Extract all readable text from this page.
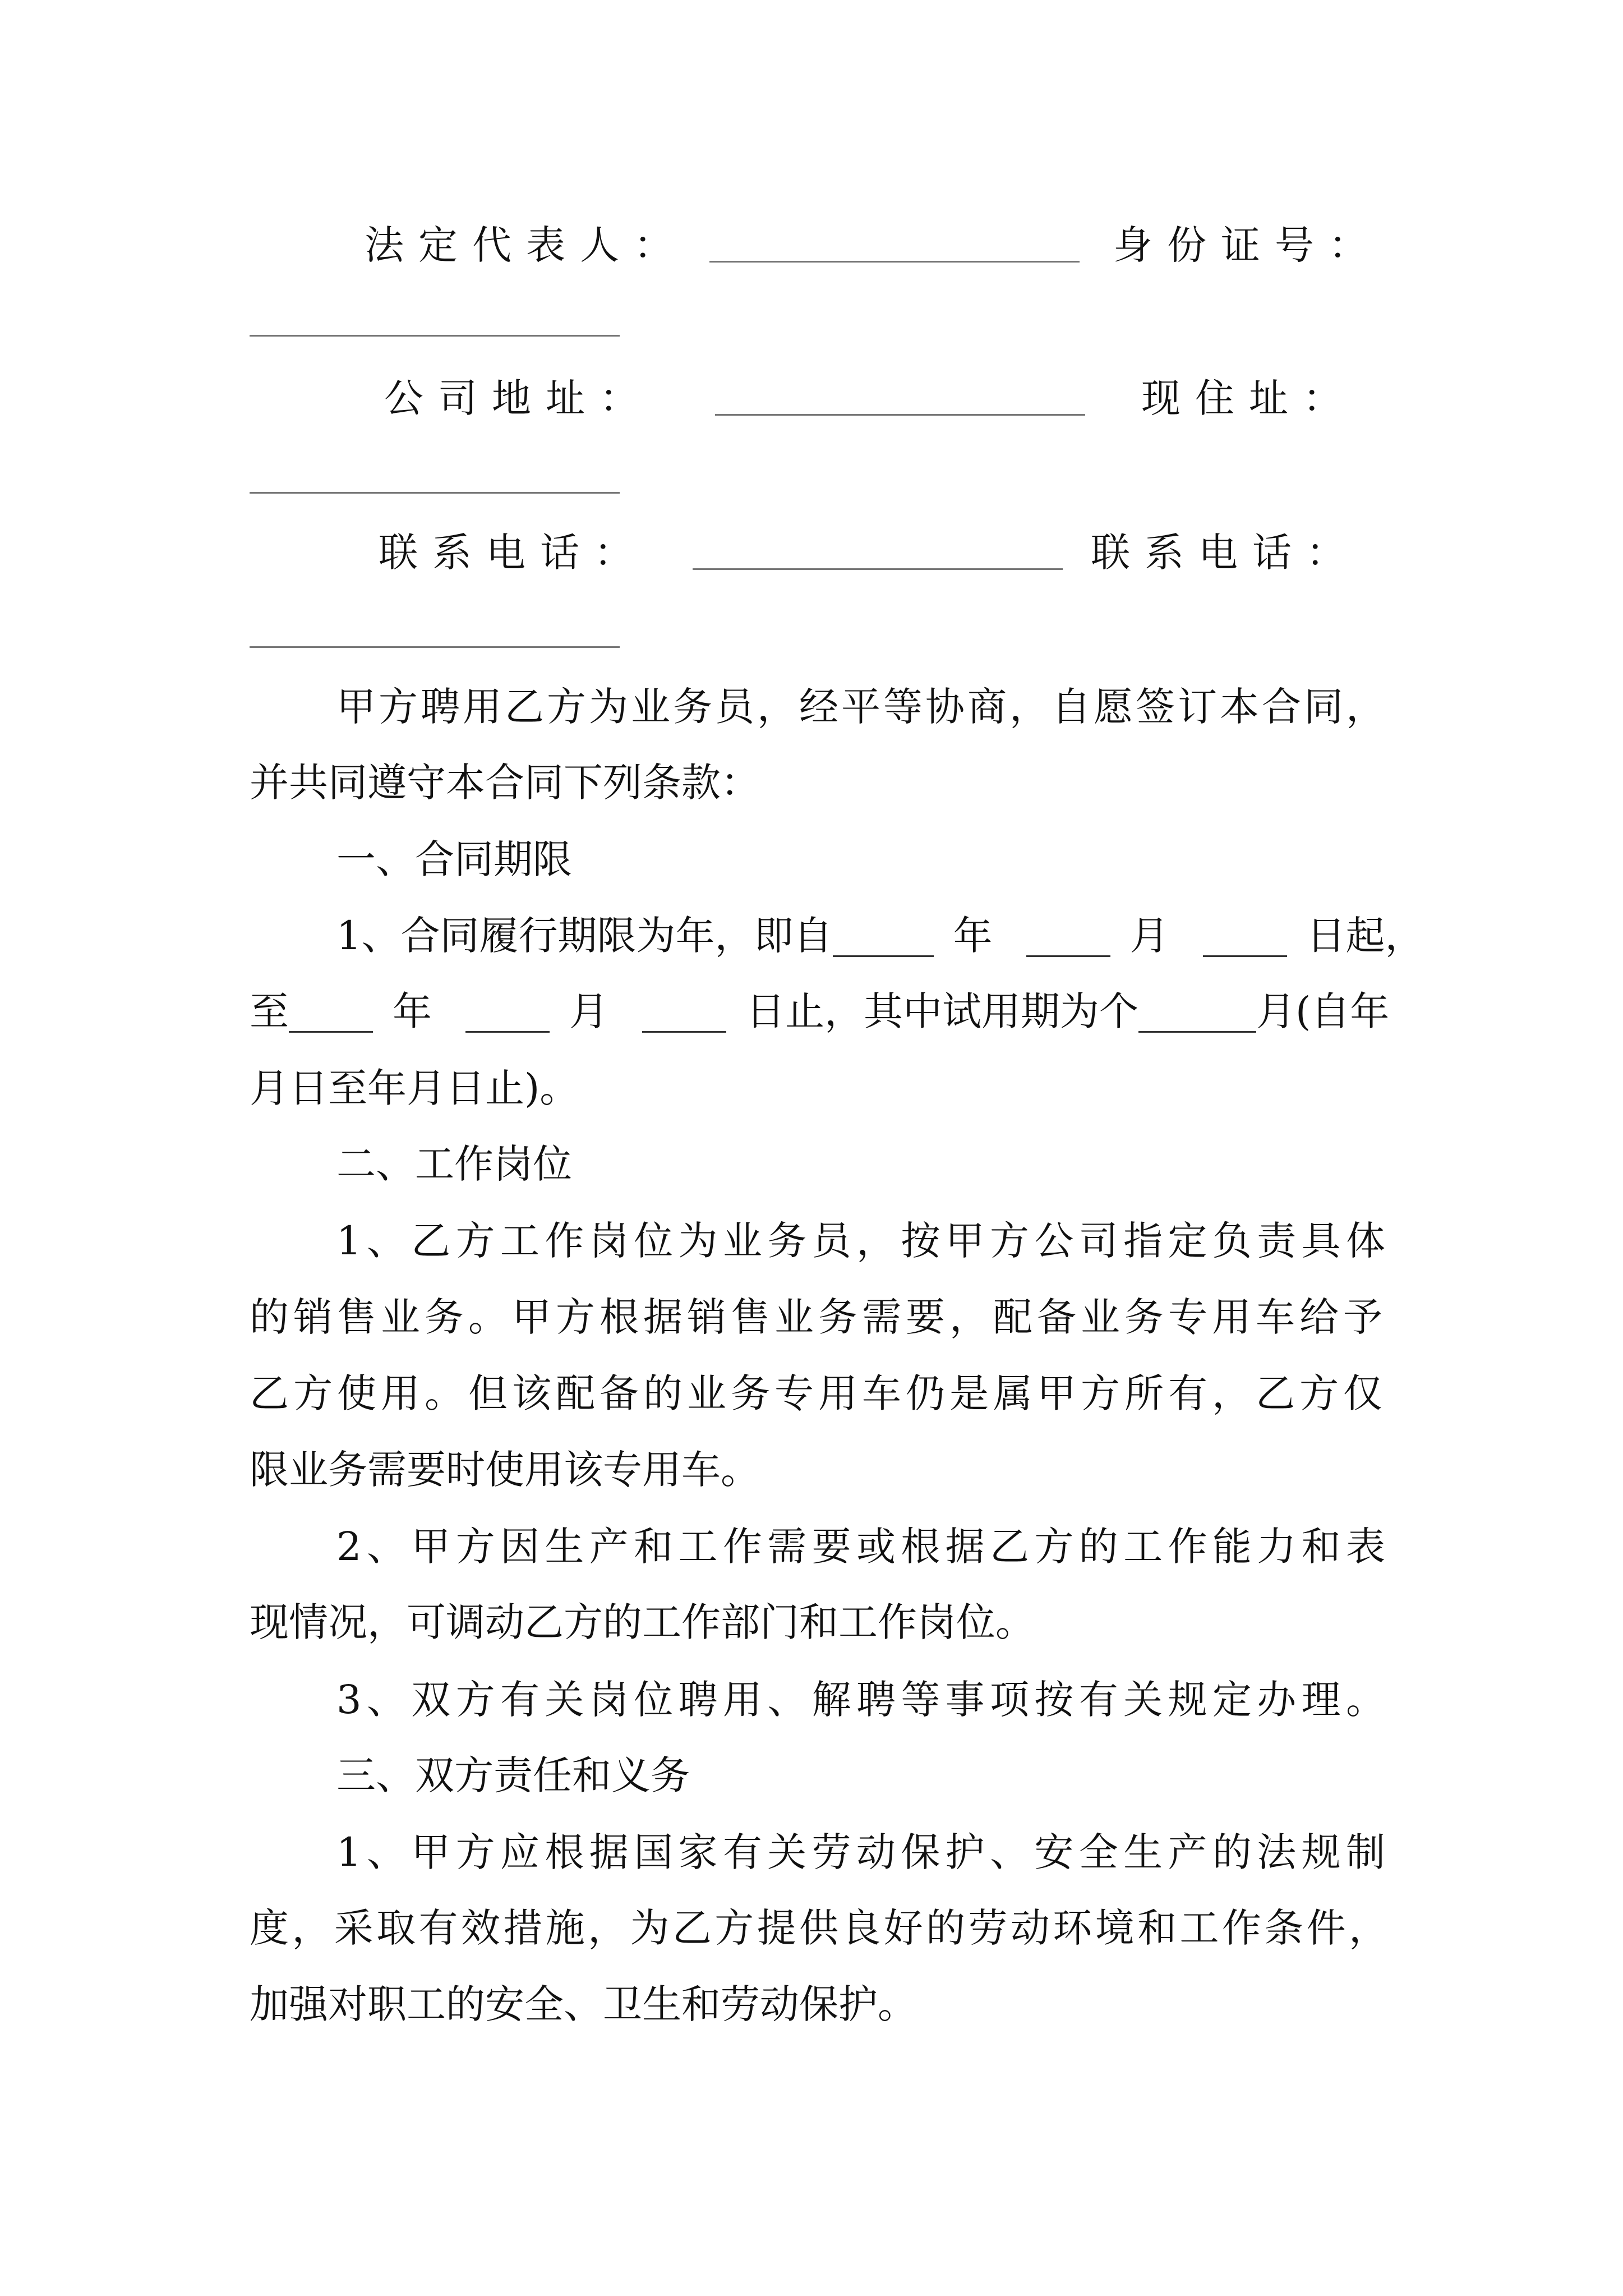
法定代表人：	身份证号：
公司地址：	现住址：
联系电话：	联系电话：
甲方聘用乙方为业务员，经平等协商，自愿签订本合同，
并共同遵守本合同下列条款：
一、合同期限
1、合同履行期限为年，即自	年	月	日起，
至	年	月	日止，其中试用期为个	月(自年
月日至年月日止)。
二、工作岗位
1、乙方工作岗位为业务员，按甲方公司指定负责具体
的销售业务。甲方根据销售业务需要，配备业务专用车给予
乙方使用。但该配备的业务专用车仍是属甲方所有，乙方仅
限业务需要时使用该专用车。
2、甲方因生产和工作需要或根据乙方的工作能力和表
现情况，可调动乙方的工作部门和工作岗位。
3、双方有关岗位聘用、解聘等事项按有关规定办理。
三、双方责任和义务
1、甲方应根据国家有关劳动保护、安全生产的法规制
度，采取有效措施，为乙方提供良好的劳动环境和工作条件，
加强对职工的安全、卫生和劳动保护。
